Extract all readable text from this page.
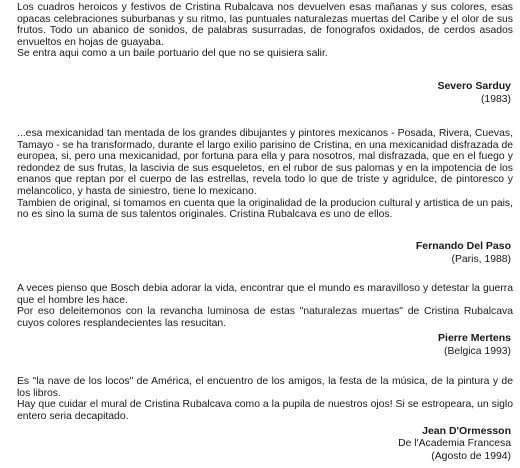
Los cuadros heroicos y festivos de Cristina Rubalcava nos devuelven esas mañanas y sus colores, esas opacas celebraciones suburbanas y su ritmo, las puntuales naturalezas muertas del Caribe y el olor de sus frutos. Todo un abanico de sonidos, de palabras susurradas, de fonografos oxidados, de cerdos asados envueltos en hojas de guayaba.
Se entra aqui como a un baile portuario del que no se quisiera salir.
Severo Sarduy
(1983)
...esa mexicanidad tan mentada de los grandes dibujantes y pintores mexicanos - Posada, Rivera, Cuevas, Tamayo - se ha transformado, durante el largo exilio parisino de Cristina, en una mexicanidad disfrazada de europea, si, pero una mexicanidad, por fortuna para ella y para nosotros, mal disfrazada, que en el fuego y redondez de sus frutas, la lascivia de sus esqueletos, en el rubor de sus palomas y en la impotencia de los enanos que reptan por el cuerpo de las estrellas, revela todo lo que de triste y agridulce, de pintoresco y melancolico, y hasta de siniestro, tiene lo mexicano.
Tambien de original, si tomamos en cuenta que la originalidad de la producion cultural y artistica de un pais, no es sino la suma de sus talentos originales. Cristina Rubalcava es uno de ellos.
Fernando Del Paso
(Paris, 1988)
A veces pienso que Bosch debia adorar la vida, encontrar que el mundo es maravilloso y detestar la guerra que el hombre les hace.
Por eso deleitemonos con la revancha luminosa de estas "naturalezas muertas" de Cristina Rubalcava cuyos colores resplandecientes las resucitan.
Pierre Mertens
(Belgica 1993)
Es "la nave de los locos" de América, el encuentro de los amigos, la festa de la música, de la pintura y de los libros.
Hay que cuidar el mural de Cristina Rubalcava como a la pupila de nuestros ojos! Si se estropeara, un siglo entero seria decapitado.
Jean D'Ormesson
De l'Academia Francesa
(Agosto de 1994)
